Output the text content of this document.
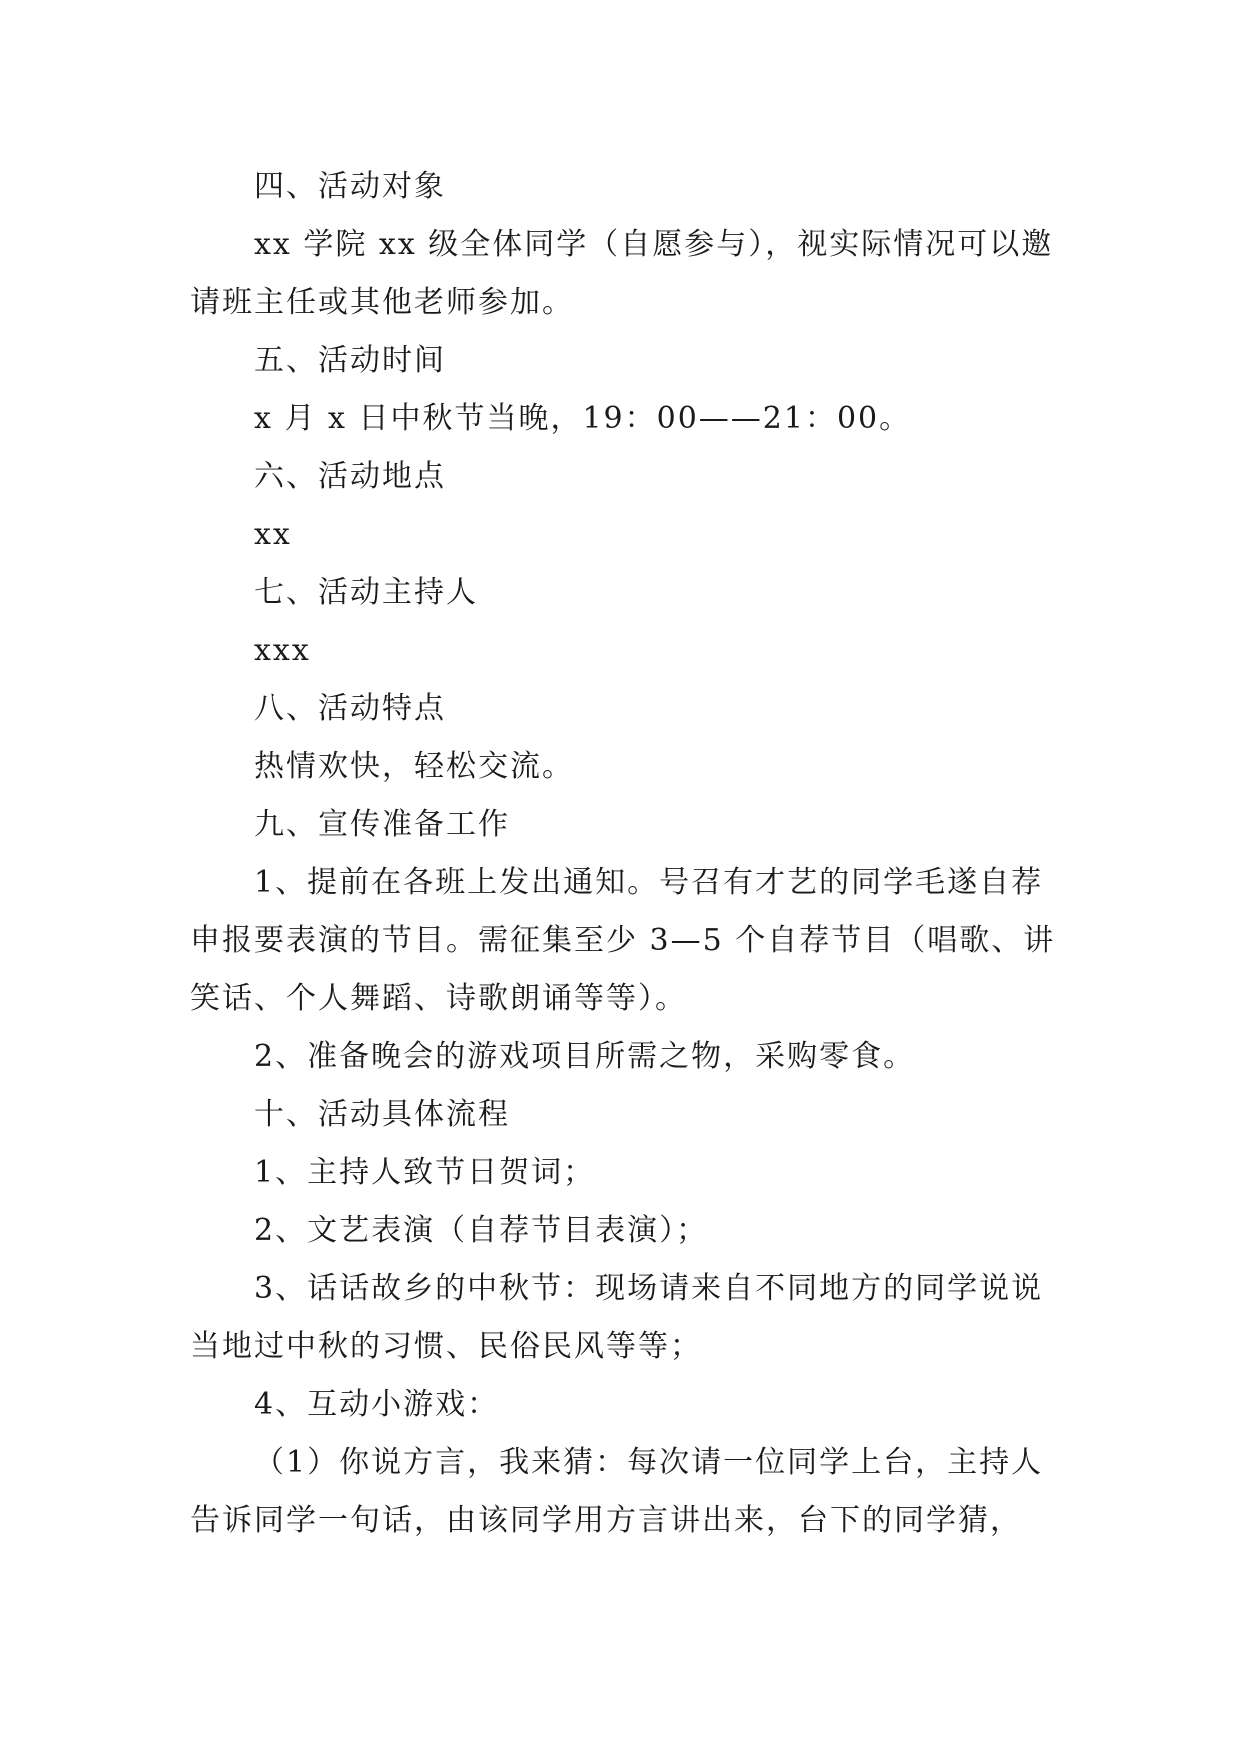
四、活动对象

xx 学院 xx 级全体同学（自愿参与），视实际情况可以邀请班主任或其他老师参加。

五、活动时间

x 月 x 日中秋节当晚，19：00——21：00。

六、活动地点

xx

七、活动主持人

xxx

八、活动特点

热情欢快，轻松交流。

九、宣传准备工作

1、提前在各班上发出通知。号召有才艺的同学毛遂自荐申报要表演的节目。需征集至少 3—5 个自荐节目（唱歌、讲笑话、个人舞蹈、诗歌朗诵等等）。

2、准备晚会的游戏项目所需之物，采购零食。

十、活动具体流程

1、主持人致节日贺词；

2、文艺表演（自荐节目表演）；

3、话话故乡的中秋节：现场请来自不同地方的同学说说当地过中秋的习惯、民俗民风等等；

4、互动小游戏：

（1）你说方言，我来猜：每次请一位同学上台，主持人告诉同学一句话，由该同学用方言讲出来，台下的同学猜，
